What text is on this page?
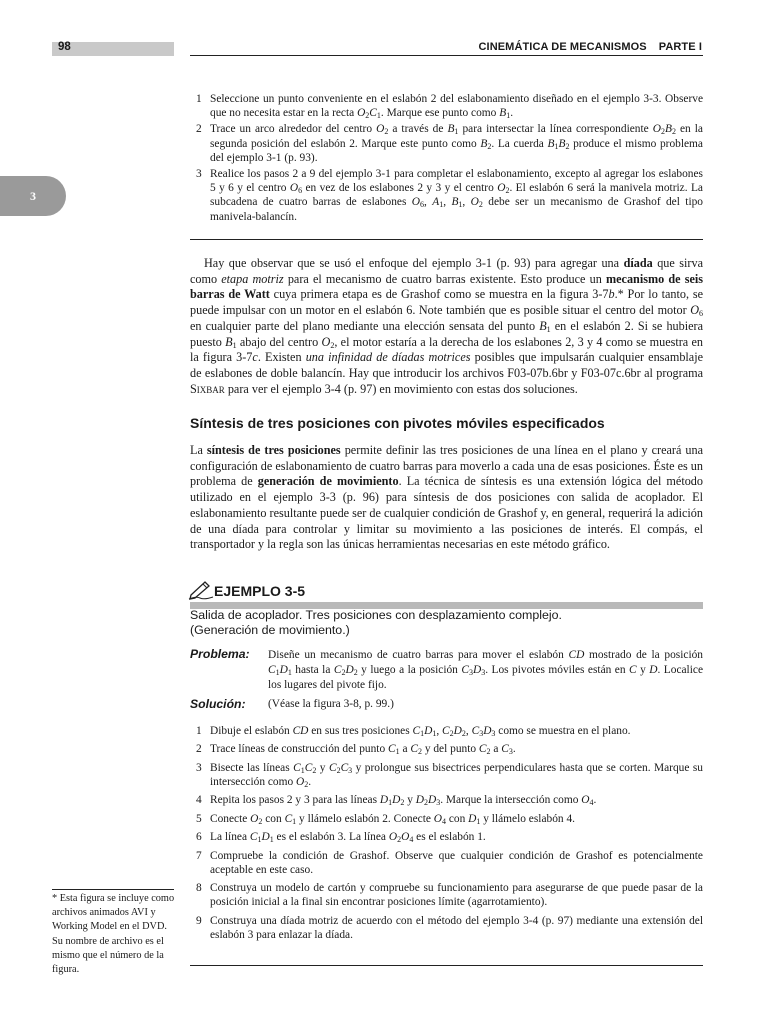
98	CINEMÁTICA DE MECANISMOS PARTE I
3
1 Seleccione un punto conveniente en el eslabón 2 del eslabonamiento diseñado en el ejemplo 3-3. Observe que no necesita estar en la recta $O_2C_1$. Marque ese punto como $B_1$.
2 Trace un arco alrededor del centro $O_2$ a través de $B_1$ para intersectar la línea correspondiente $O_2B_2$ en la segunda posición del eslabón 2. Marque este punto como $B_2$. La cuerda $B_1B_2$ produce el mismo problema del ejemplo 3-1 (p. 93).
3 Realice los pasos 2 a 9 del ejemplo 3-1 para completar el eslabonamiento, excepto al agregar los eslabones 5 y 6 y el centro $O_6$ en vez de los eslabones 2 y 3 y el centro $O_2$. El eslabón 6 será la manivela motriz. La subcadena de cuatro barras de eslabones $O_6$, $A_1$, $B_1$, $O_2$ debe ser un mecanismo de Grashof del tipo manivela-balancín.
Hay que observar que se usó el enfoque del ejemplo 3-1 (p. 93) para agregar una díada que sirva como etapa motriz para el mecanismo de cuatro barras existente. Esto produce un mecanismo de seis barras de Watt cuya primera etapa es de Grashof como se muestra en la figura 3-7b.* Por lo tanto, se puede impulsar con un motor en el eslabón 6. Note también que es posible situar el centro del motor $O_6$ en cualquier parte del plano mediante una elección sensata del punto $B_1$ en el eslabón 2. Si se hubiera puesto $B_1$ abajo del centro $O_2$, el motor estaría a la derecha de los eslabones 2, 3 y 4 como se muestra en la figura 3-7c. Existen una infinidad de díadas motrices posibles que impulsarán cualquier ensamblaje de eslabones de doble balancín. Hay que introducir los archivos F03-07b.6br y F03-07c.6br al programa Sixbar para ver el ejemplo 3-4 (p. 97) en movimiento con estas dos soluciones.
Síntesis de tres posiciones con pivotes móviles especificados
La síntesis de tres posiciones permite definir las tres posiciones de una línea en el plano y creará una configuración de eslabonamiento de cuatro barras para moverlo a cada una de esas posiciones. Éste es un problema de generación de movimiento. La técnica de síntesis es una extensión lógica del método utilizado en el ejemplo 3-3 (p. 96) para síntesis de dos posiciones con salida de acoplador. El eslabonamiento resultante puede ser de cualquier condición de Grashof y, en general, requerirá la adición de una díada para controlar y limitar su movimiento a las posiciones de interés. El compás, el transportador y la regla son las únicas herramientas necesarias en este método gráfico.
EJEMPLO 3-5
Salida de acoplador. Tres posiciones con desplazamiento complejo.
(Generación de movimiento.)
Problema: Diseñe un mecanismo de cuatro barras para mover el eslabón CD mostrado de la posición $C_1D_1$ hasta la $C_2D_2$ y luego a la posición $C_3D_3$. Los pivotes móviles están en C y D. Localice los lugares del pivote fijo.
Solución: (Véase la figura 3-8, p. 99.)
1 Dibuje el eslabón CD en sus tres posiciones $C_1D_1$, $C_2D_2$, $C_3D_3$ como se muestra en el plano.
2 Trace líneas de construcción del punto $C_1$ a $C_2$ y del punto $C_2$ a $C_3$.
3 Bisecte las líneas $C_1C_2$ y $C_2C_3$ y prolongue sus bisectrices perpendiculares hasta que se corten. Marque su intersección como $O_2$.
4 Repita los pasos 2 y 3 para las líneas $D_1D_2$ y $D_2D_3$. Marque la intersección como $O_4$.
5 Conecte $O_2$ con $C_1$ y llámelo eslabón 2. Conecte $O_4$ con $D_1$ y llámelo eslabón 4.
6 La línea $C_1D_1$ es el eslabón 3. La línea $O_2O_4$ es el eslabón 1.
7 Compruebe la condición de Grashof. Observe que cualquier condición de Grashof es potencialmente aceptable en este caso.
8 Construya un modelo de cartón y compruebe su funcionamiento para asegurarse de que puede pasar de la posición inicial a la final sin encontrar posiciones límite (agarrotamiento).
9 Construya una díada motriz de acuerdo con el método del ejemplo 3-4 (p. 97) mediante una extensión del eslabón 3 para enlazar la díada.
* Esta figura se incluye como archivos animados AVI y Working Model en el DVD. Su nombre de archivo es el mismo que el número de la figura.
